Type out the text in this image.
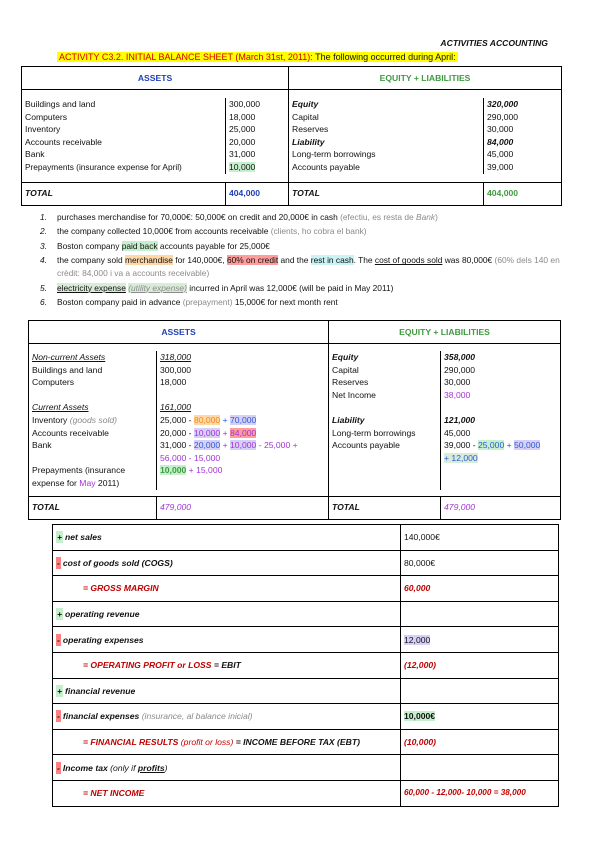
ACTIVITIES ACCOUNTING
ACTIVITY C3.2. INITIAL BALANCE SHEET (March 31st, 2011): The following occurred during April:
ASSETS		EQUITY + LIABILITIES	

Buildings and land	300,000	Equity	320,000
Computers	18,000	Capital	290,000
Inventory	25,000	Reserves	30,000
Accounts receivable	20,000	Liability	84,000
Bank	31,000	Long-term borrowings	45,000
Prepayments (insurance expense for April)	10,000	Accounts payable	39,000

TOTAL	404,000	TOTAL	404,000
1. purchases merchandise for 70,000€: 50,000€ on credit and 20,000€ in cash (efectiu, es resta de Bank)
2. the company collected 10,000€ from accounts receivable (clients, ho cobra el bank)
3. Boston company paid back accounts payable for 25,000€
4. the company sold merchandise for 140,000€, 60% on credit and the rest in cash. The cost of goods sold was 80,000€ (60% dels 140 en crèdit: 84,000 i va a accounts receivable)
5. electricity expense (utility expense) incurred in April was 12,000€ (will be paid in May 2011)
6. Boston company paid in advance (prepayment) 15,000€ for next month rent
ASSETS		EQUITY + LIABILITIES	

Non-current Assets	318,000	Equity	358,000
Buildings and land	300,000	Capital	290,000
Computers	18,000	Reserves	30,000
		Net Income	38,000
Current Assets	161,000		
Inventory (goods sold)	25,000 - 80,000 + 70,000	Liability	121,000
Accounts receivable	20,000 - 10,000 + 84,000	Long-term borrowings	45,000
Bank	31,000 - 20,000 + 10,000 - 25,000 + 56,000 - 15,000	Accounts payable	39,000 - 25,000 + 50,000
+ 12,000
Prepayments (insurance expense for May 2011)	10,000 + 15,000		

TOTAL	479,000	TOTAL	479,000
+ net sales	140,000€
- cost of goods sold (COGS)	80,000€
= GROSS MARGIN	60,000
+ operating revenue	
- operating expenses	12,000
= OPERATING PROFIT or LOSS = EBIT	(12,000)
+ financial revenue	
- financial expenses (insurance, al balance inicial)	10,000€
= FINANCIAL RESULTS (profit or loss) = INCOME BEFORE TAX (EBT)	(10,000)
- Income tax (only if profits)	
= NET INCOME	60,000 - 12,000- 10,000 = 38,000
